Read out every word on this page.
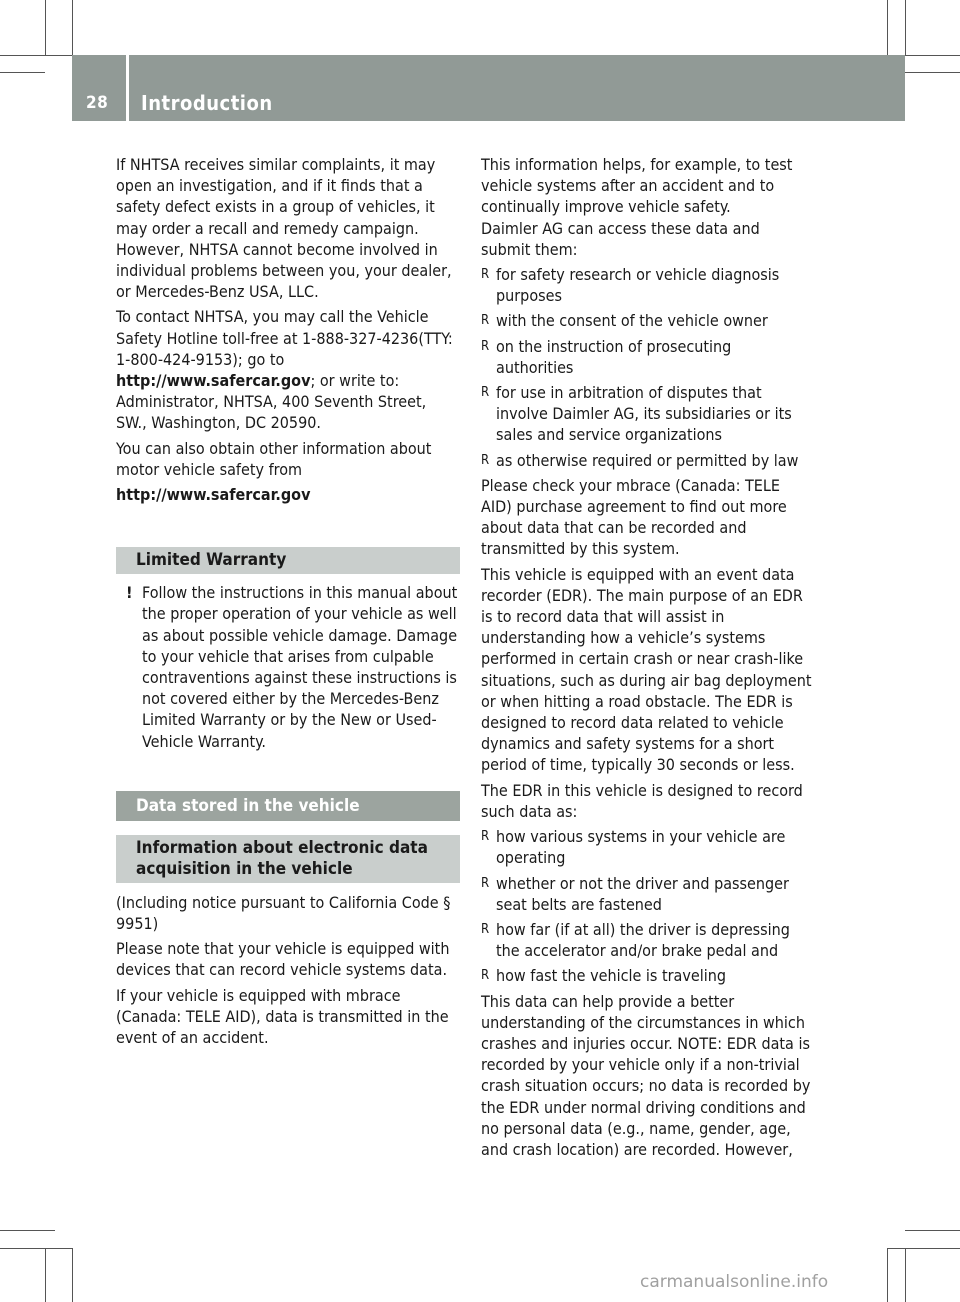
28 Introduction

If NHTSA receives similar complaints, it may open an investigation, and if it finds that a safety defect exists in a group of vehicles, it may order a recall and remedy campaign. However, NHTSA cannot become involved in individual problems between you, your dealer, or Mercedes-Benz USA, LLC.

To contact NHTSA, you may call the Vehicle Safety Hotline toll-free at 1-888-327-4236(TTY: 1-800-424-9153); go to http://www.safercar.gov; or write to: Administrator, NHTSA, 400 Seventh Street, SW., Washington, DC 20590.

You can also obtain other information about motor vehicle safety from

http://www.safercar.gov

Limited Warranty
! Follow the instructions in this manual about the proper operation of your vehicle as well as about possible vehicle damage. Damage to your vehicle that arises from culpable contraventions against these instructions is not covered either by the Mercedes-Benz Limited Warranty or by the New or Used-Vehicle Warranty.
Data stored in the vehicle
Information about electronic data acquisition in the vehicle

(Including notice pursuant to California Code § 9951)

Please note that your vehicle is equipped with devices that can record vehicle systems data.

If your vehicle is equipped with mbrace (Canada: TELE AID), data is transmitted in the event of an accident.

This information helps, for example, to test vehicle systems after an accident and to continually improve vehicle safety.

Daimler AG can access these data and submit them:

R for safety research or vehicle diagnosis purposes
R with the consent of the vehicle owner
R on the instruction of prosecuting authorities
R for use in arbitration of disputes that involve Daimler AG, its subsidiaries or its sales and service organizations
R as otherwise required or permitted by law

Please check your mbrace (Canada: TELE AID) purchase agreement to find out more about data that can be recorded and transmitted by this system.

This vehicle is equipped with an event data recorder (EDR). The main purpose of an EDR is to record data that will assist in understanding how a vehicle’s systems performed in certain crash or near crash-like situations, such as during air bag deployment or when hitting a road obstacle. The EDR is designed to record data related to vehicle dynamics and safety systems for a short period of time, typically 30 seconds or less.

The EDR in this vehicle is designed to record such data as:

R how various systems in your vehicle are operating
R whether or not the driver and passenger seat belts are fastened
R how far (if at all) the driver is depressing the accelerator and/or brake pedal and
R how fast the vehicle is traveling

This data can help provide a better understanding of the circumstances in which crashes and injuries occur. NOTE: EDR data is recorded by your vehicle only if a non-trivial crash situation occurs; no data is recorded by the EDR under normal driving conditions and no personal data (e.g., name, gender, age, and crash location) are recorded. However,

carmanualsonline.info
